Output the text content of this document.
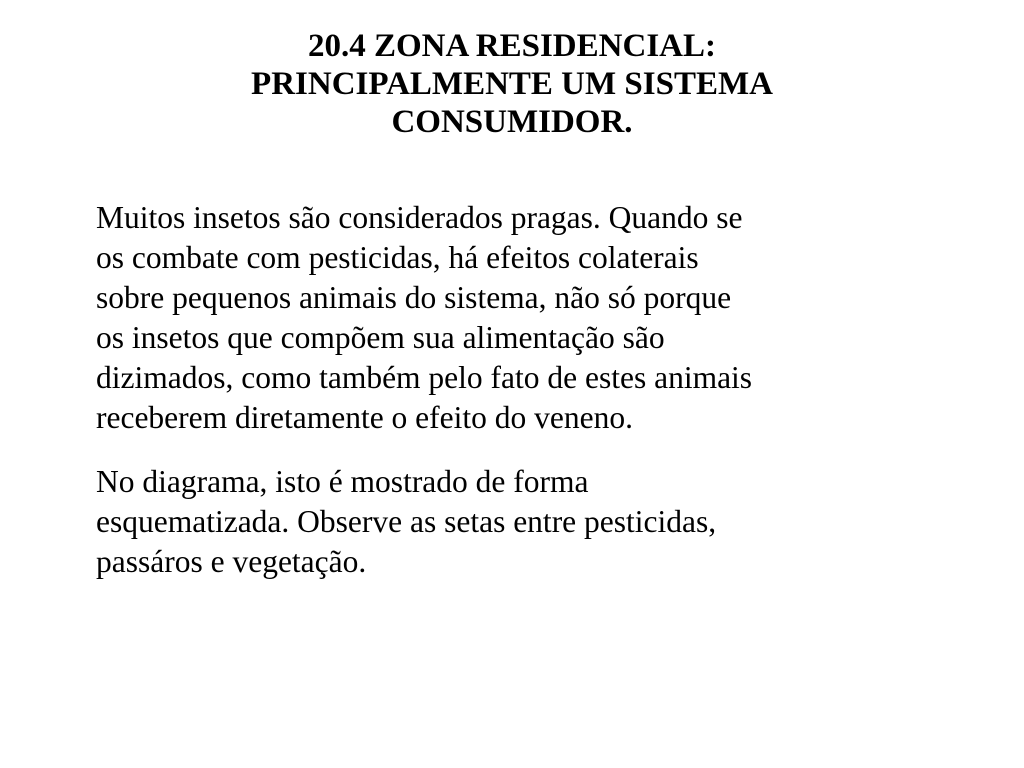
20.4 ZONA RESIDENCIAL:
PRINCIPALMENTE UM SISTEMA
CONSUMIDOR.

Muitos insetos são considerados pragas. Quando se
os combate com pesticidas, há efeitos colaterais
sobre pequenos animais do sistema, não só porque
os insetos que compõem sua alimentação são
dizimados, como também pelo fato de estes animais
receberem diretamente o efeito do veneno.

No diagrama, isto é mostrado de forma
esquematizada. Observe as setas entre pesticidas,
passáros e vegetação.
